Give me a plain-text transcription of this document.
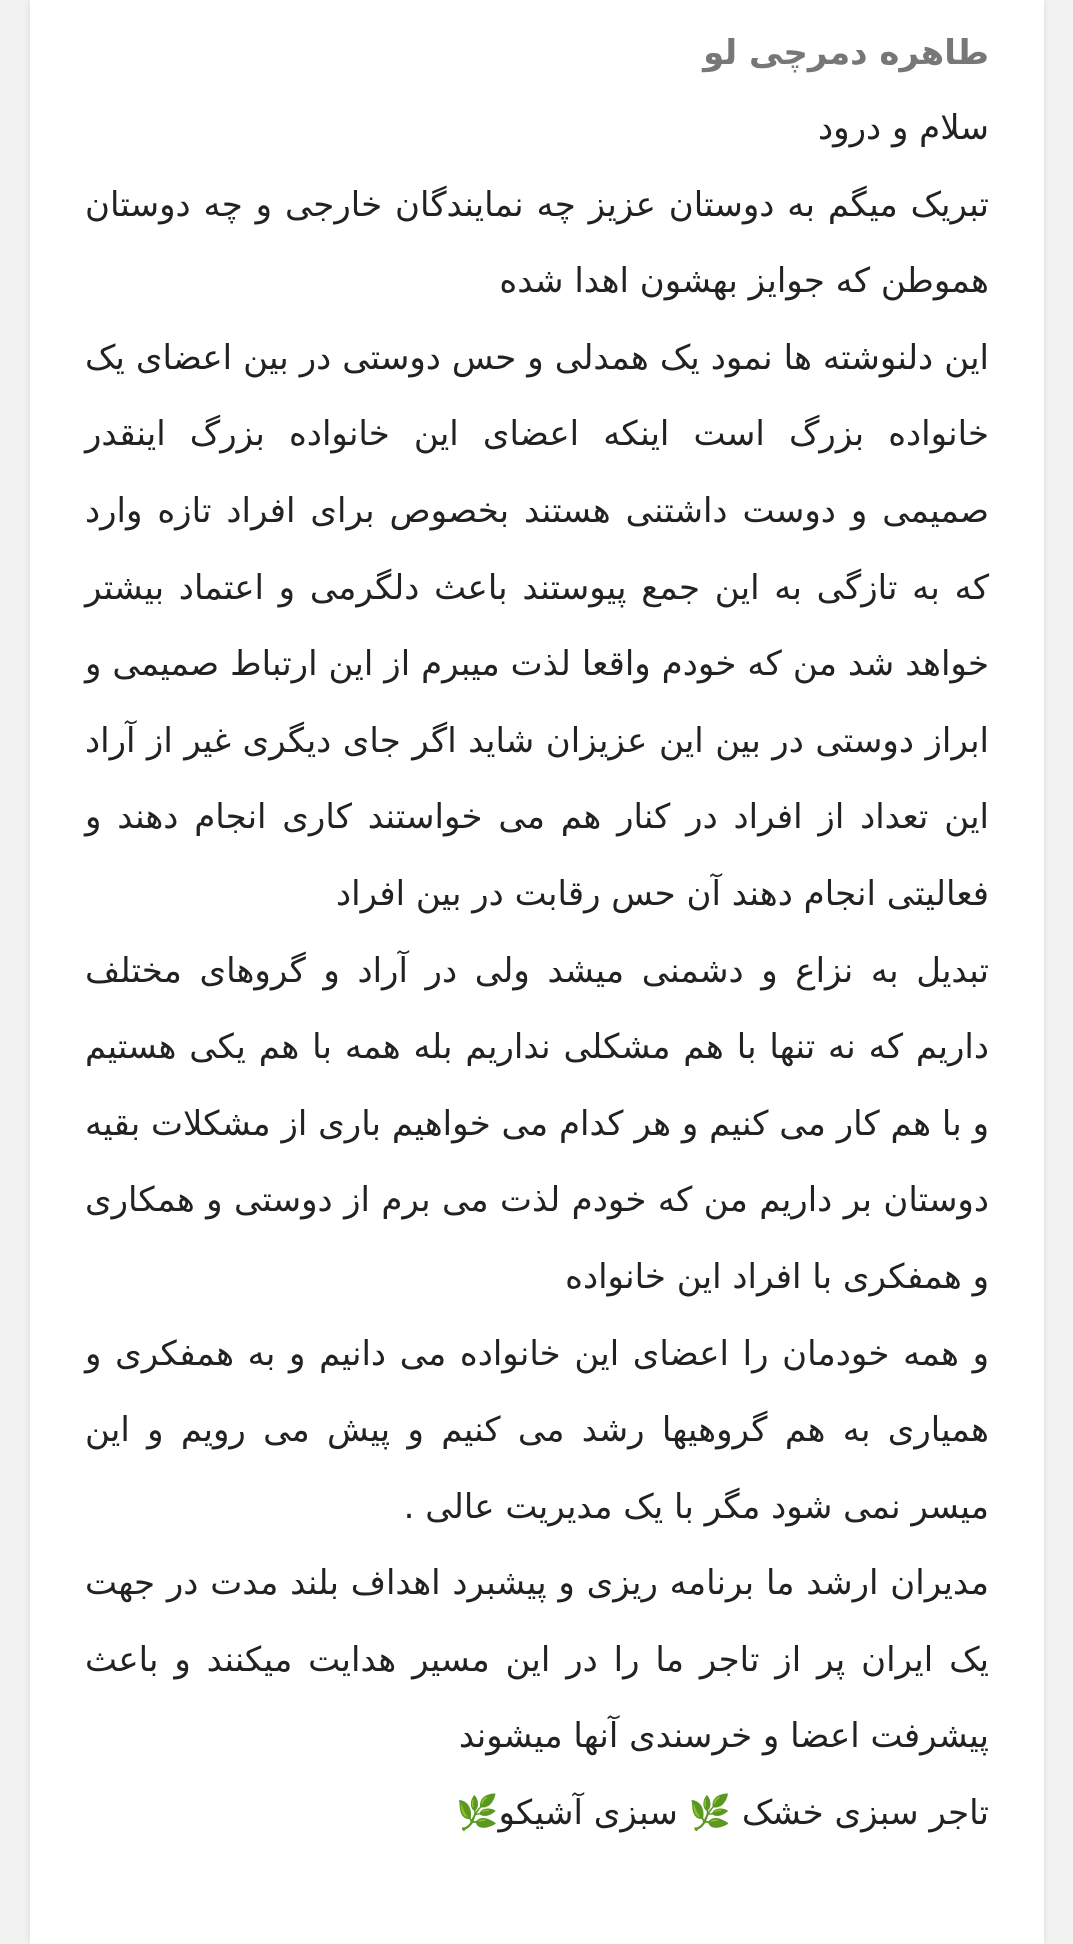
طاهره دمرچی لو

سلام و درود

تبریک میگم به دوستان عزیز چه نمایندگان خارجی و چه دوستان هموطن که جوایز بهشون اهدا شده

این دلنوشته ها نمود یک همدلی و حس دوستی در بین اعضای یک خانواده بزرگ است اینکه اعضای این خانواده بزرگ اینقدر صمیمی و دوست داشتنی هستند بخصوص برای افراد تازه وارد که به تازگی به این جمع پیوستند باعث دلگرمی و اعتماد بیشتر خواهد شد من که خودم واقعا لذت میبرم از این ارتباط صمیمی و ابراز دوستی در بین این عزیزان شاید اگر جای دیگری غیر از آراد این تعداد از افراد در کنار هم می خواستند کاری انجام دهند و فعالیتی انجام دهند آن حس رقابت در بین افراد

تبدیل به نزاع و دشمنی میشد ولی در آراد و گروهای مختلف داریم که نه تنها با هم مشکلی نداریم بله همه با هم یکی هستیم و با هم کار می کنیم و هر کدام می خواهیم باری از مشکلات بقیه دوستان بر داریم من که خودم لذت می برم از دوستی و همکاری و همفکری با افراد این خانواده

و همه خودمان را اعضای این خانواده می دانیم و به همفکری و همیاری به هم گروهیها رشد می کنیم و پیش می رویم و این میسر نمی شود مگر با یک مدیریت عالی .

مدیران ارشد ما برنامه ریزی و پیشبرد اهداف بلند مدت در جهت یک ایران پر از تاجر ما را در این مسیر هدایت میکنند و باعث پیشرفت اعضا و خرسندی آنها میشوند

تاجر سبزی خشک 🌿 سبزی آشیکو🌿
